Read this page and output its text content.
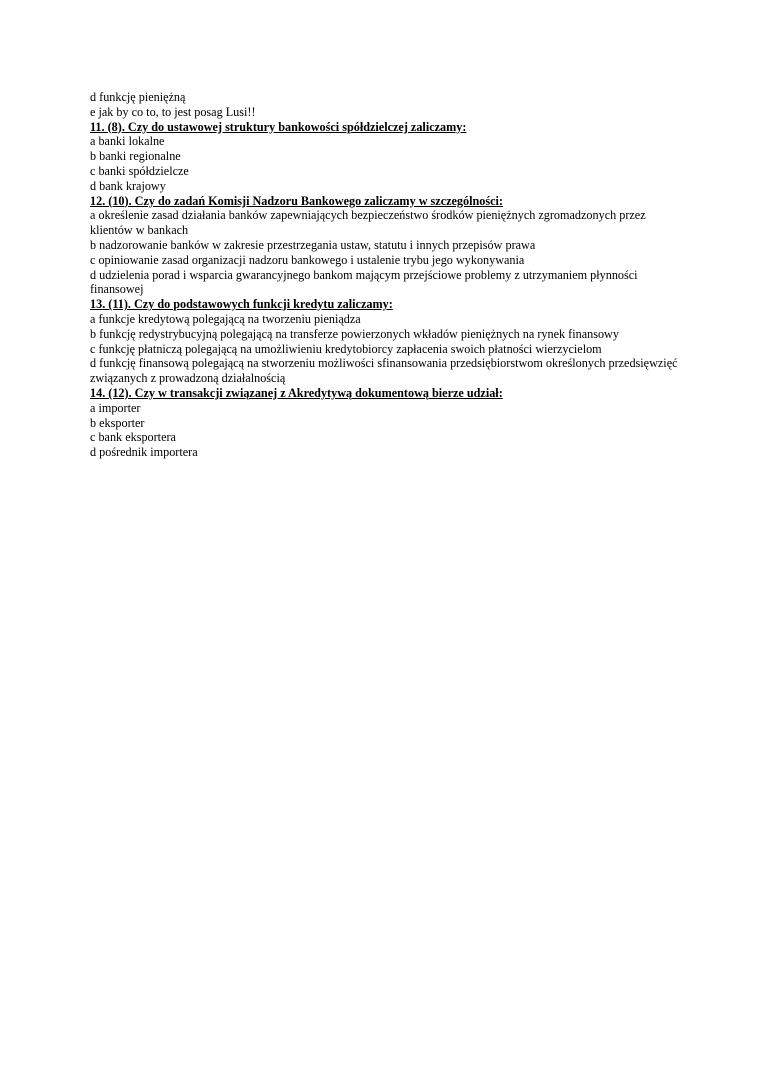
d funkcję pieniężną
e jak by co to, to jest posag Lusi!!
11. (8). Czy do ustawowej struktury bankowości spółdzielczej zaliczamy:
a banki lokalne
b banki regionalne
c banki spółdzielcze
d bank krajowy
12. (10). Czy do zadań Komisji Nadzoru Bankowego zaliczamy w szczególności:
a określenie zasad działania banków zapewniających bezpieczeństwo środków pieniężnych zgromadzonych przez klientów w bankach
b nadzorowanie banków w zakresie przestrzegania ustaw, statutu i innych przepisów prawa
c opiniowanie zasad organizacji nadzoru bankowego i ustalenie trybu jego wykonywania
d udzielenia porad i wsparcia gwarancyjnego bankom mającym przejściowe problemy z utrzymaniem płynności finansowej
13. (11). Czy do podstawowych funkcji kredytu zaliczamy:
a funkcje kredytową polegającą na tworzeniu pieniądza
b funkcję redystrybucyjną polegającą na transferze powierzonych wkładów pieniężnych na rynek finansowy
c funkcję płatniczą polegającą na umożliwieniu kredytobiorcy zapłacenia swoich płatności wierzycielom
d funkcję finansową polegającą na stworzeniu możliwości sfinansowania przedsiębiorstwom określonych przedsięwzięć związanych z prowadzoną działalnością
14. (12). Czy w transakcji związanej z Akredytywą dokumentową bierze udział:
a importer
b eksporter
c bank eksportera
d pośrednik importera
